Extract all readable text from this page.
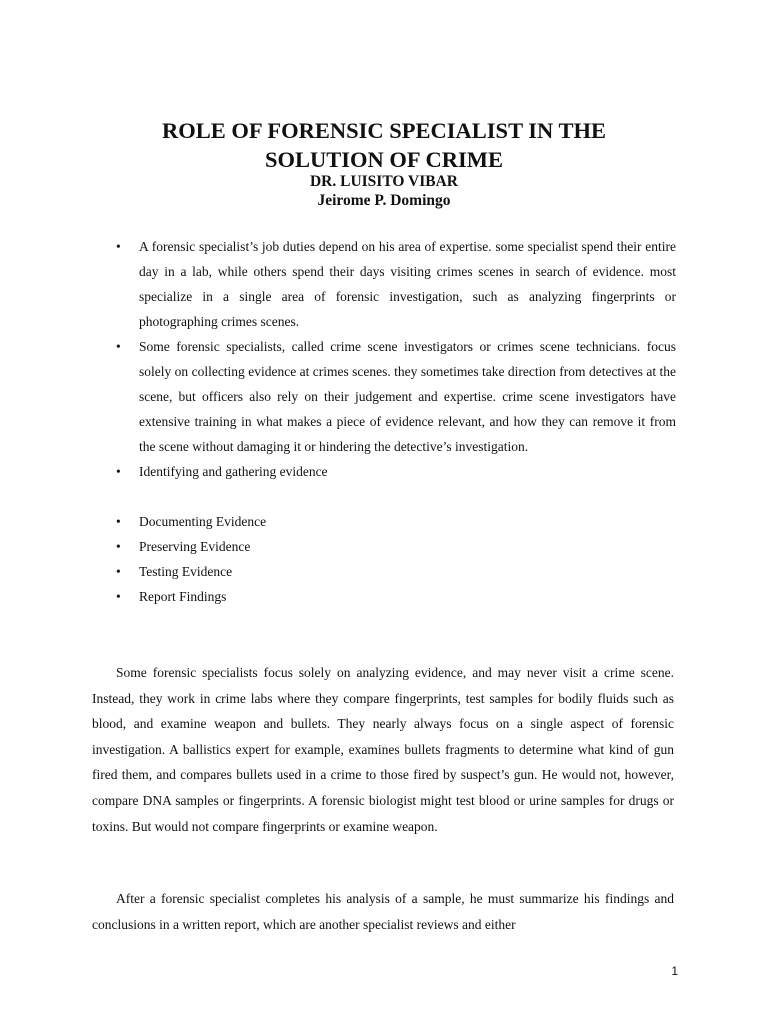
ROLE OF FORENSIC SPECIALIST IN THE
SOLUTION OF CRIME
DR. LUISITO VIBAR
Jeirome P. Domingo
• A forensic specialist’s job duties depend on his area of expertise. some specialist spend their entire day in a lab, while others spend their days visiting crimes scenes in search of evidence. most specialize in a single area of forensic investigation, such as analyzing fingerprints or photographing crimes scenes.
• Some forensic specialists, called crime scene investigators or crimes scene technicians. focus solely on collecting evidence at crimes scenes. they sometimes take direction from detectives at the scene, but officers also rely on their judgement and expertise. crime scene investigators have extensive training in what makes a piece of evidence relevant, and how they can remove it from the scene without damaging it or hindering the detective’s investigation.
• Identifying and gathering evidence
• Documenting Evidence
• Preserving Evidence
• Testing Evidence
• Report Findings

Some forensic specialists focus solely on analyzing evidence, and may never visit a crime scene. Instead, they work in crime labs where they compare fingerprints, test samples for bodily fluids such as blood, and examine weapon and bullets. They nearly always focus on a single aspect of forensic investigation. A ballistics expert for example, examines bullets fragments to determine what kind of gun fired them, and compares bullets used in a crime to those fired by suspect’s gun. He would not, however, compare DNA samples or fingerprints. A forensic biologist might test blood or urine samples for drugs or toxins. But would not compare fingerprints or examine weapon.

After a forensic specialist completes his analysis of a sample, he must summarize his findings and conclusions in a written report, which are another specialist reviews and either

1
